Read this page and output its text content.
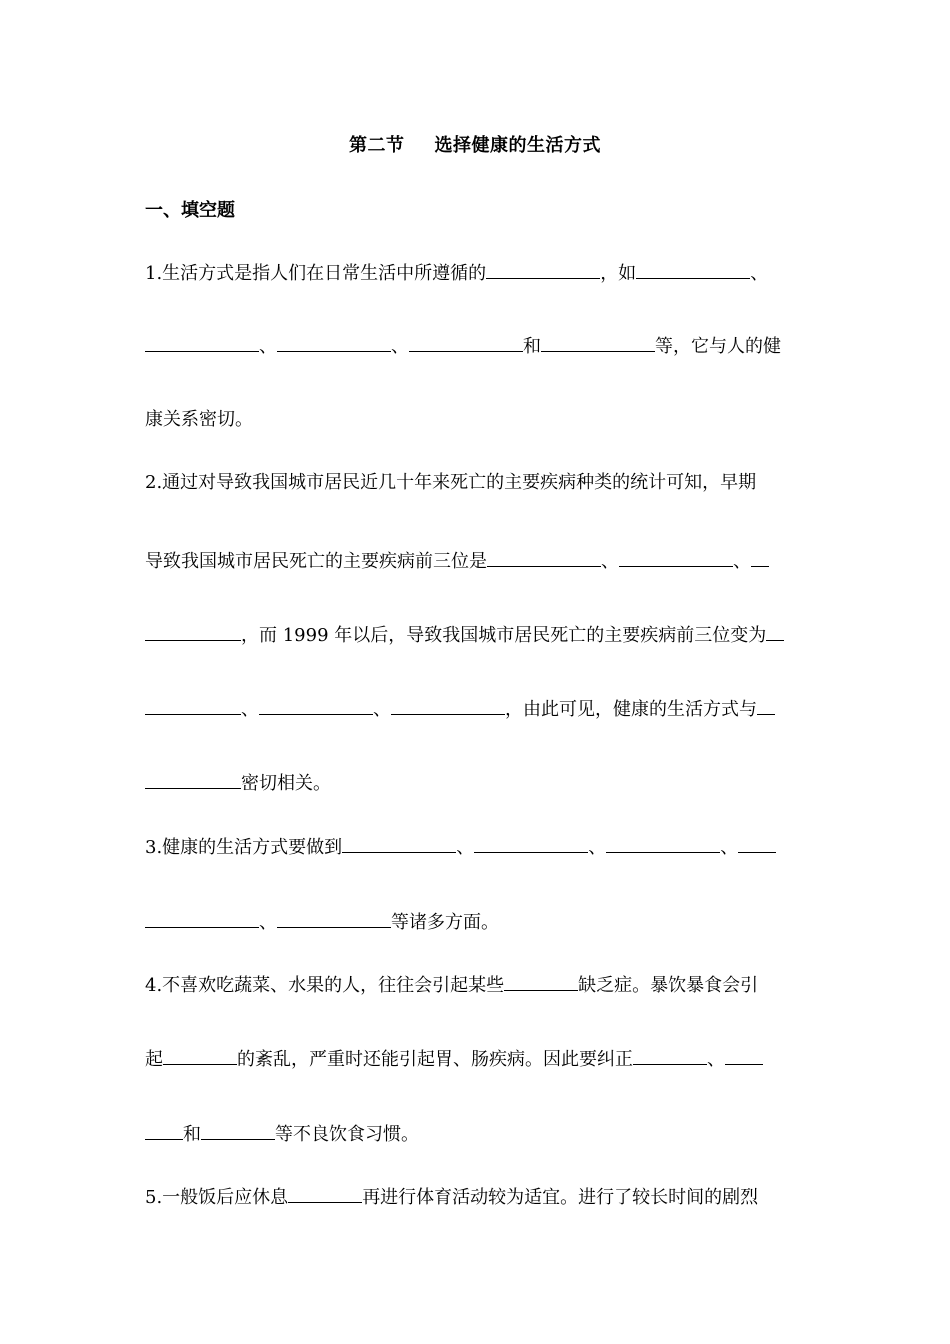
第二节 选择健康的生活方式
一、填空题
1.生活方式是指人们在日常生活中所遵循的	，如	、
、	、	和	等，它与人的健
康关系密切。
2.通过对导致我国城市居民近几十年来死亡的主要疾病种类的统计可知，早期
导致我国城市居民死亡的主要疾病前三位是	、	、
，而 1999 年以后，导致我国城市居民死亡的主要疾病前三位变为
、	、	，由此可见，健康的生活方式与
密切相关。
3.健康的生活方式要做到	、	、	、
、	等诸多方面。
4.不喜欢吃蔬菜、水果的人，往往会引起某些	缺乏症。暴饮暴食会引
起	的紊乱，严重时还能引起胃、肠疾病。因此要纠正	、
和	等不良饮食习惯。
5.一般饭后应休息	再进行体育活动较为适宜。进行了较长时间的剧烈
